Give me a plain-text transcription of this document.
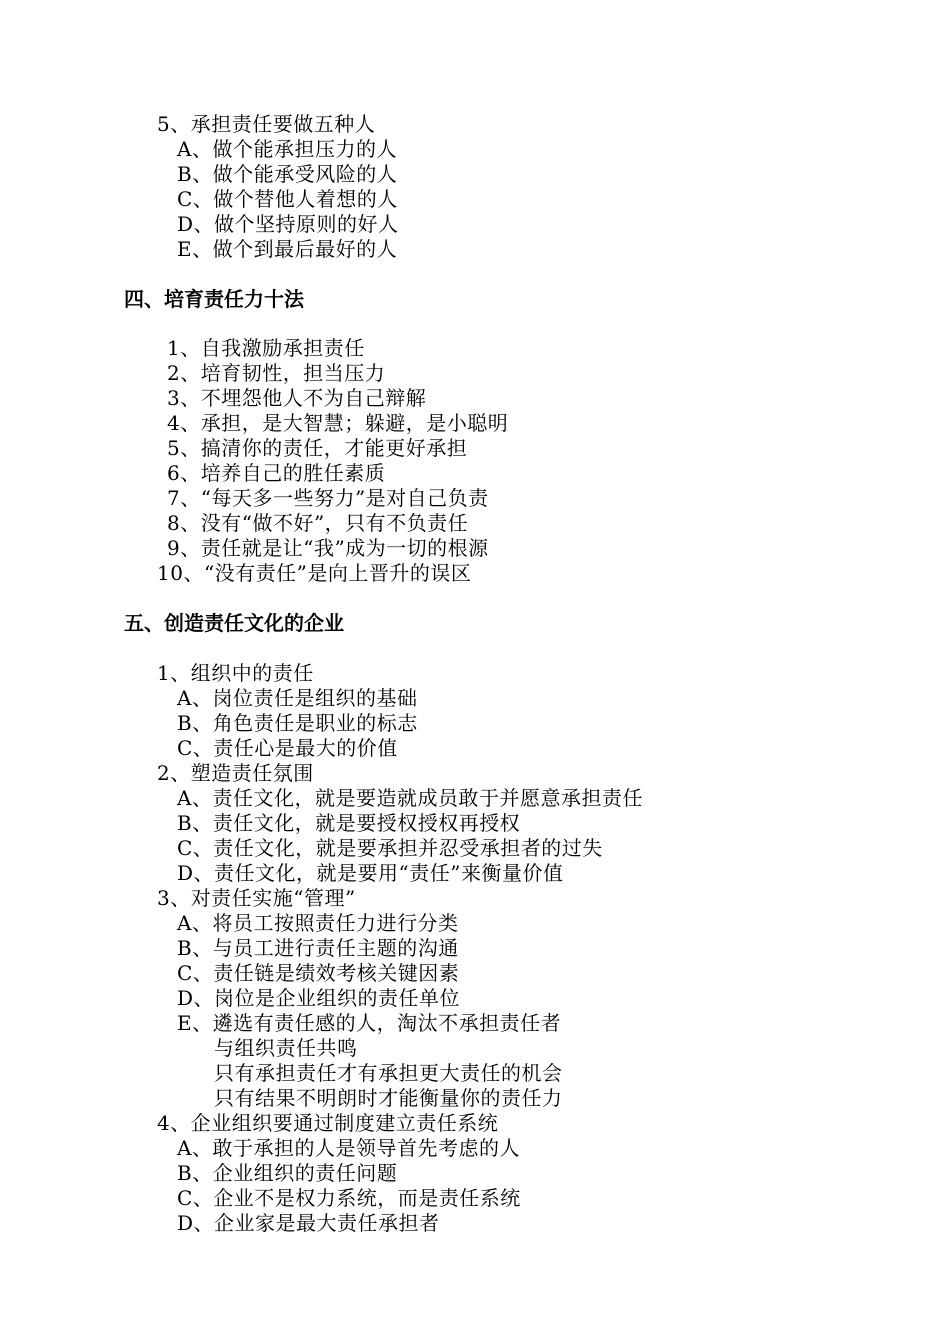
5、承担责任要做五种人
A、做个能承担压力的人
B、做个能承受风险的人
C、做个替他人着想的人
D、做个坚持原则的好人
E、做个到最后最好的人
四、培育责任力十法
1、自我激励承担责任
2、培育韧性，担当压力
3、不埋怨他人不为自己辩解
4、承担，是大智慧；躲避，是小聪明
5、搞清你的责任，才能更好承担
6、培养自己的胜任素质
7、“每天多一些努力”是对自己负责
8、没有“做不好”，只有不负责任
9、责任就是让“我”成为一切的根源
10、“没有责任”是向上晋升的误区
五、创造责任文化的企业
1、组织中的责任
A、岗位责任是组织的基础
B、角色责任是职业的标志
C、责任心是最大的价值
2、塑造责任氛围
A、责任文化，就是要造就成员敢于并愿意承担责任
B、责任文化，就是要授权授权再授权
C、责任文化，就是要承担并忍受承担者的过失
D、责任文化，就是要用“责任”来衡量价值
3、对责任实施“管理”
A、将员工按照责任力进行分类
B、与员工进行责任主题的沟通
C、责任链是绩效考核关键因素
D、岗位是企业组织的责任单位
E、遴选有责任感的人，淘汰不承担责任者
与组织责任共鸣
只有承担责任才有承担更大责任的机会
只有结果不明朗时才能衡量你的责任力
4、企业组织要通过制度建立责任系统
A、敢于承担的人是领导首先考虑的人
B、企业组织的责任问题
C、企业不是权力系统，而是责任系统
D、企业家是最大责任承担者
